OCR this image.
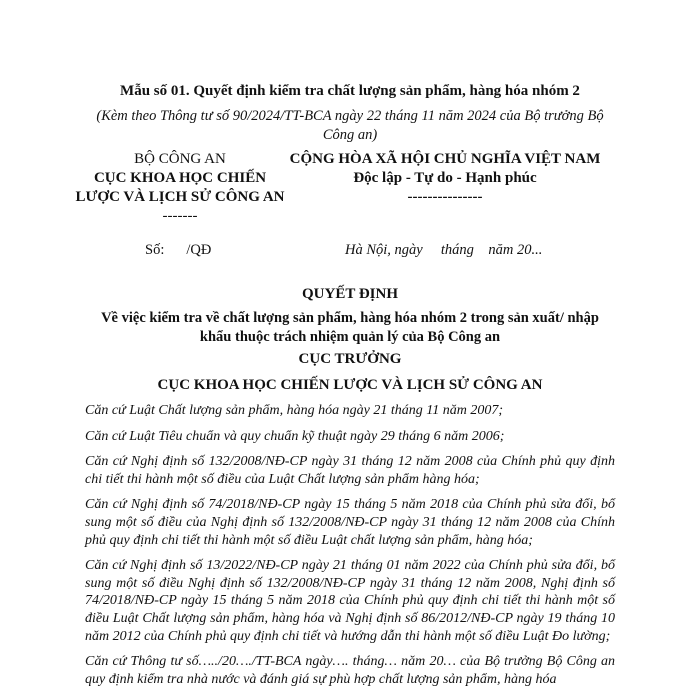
Mẫu số 01. Quyết định kiểm tra chất lượng sản phẩm, hàng hóa nhóm 2
(Kèm theo Thông tư số 90/2024/TT-BCA ngày 22 tháng 11 năm 2024 của Bộ trưởng Bộ Công an)
BỘ CÔNG AN
CỤC KHOA HỌC CHIẾN LƯỢC VÀ LỊCH SỬ CÔNG AN
-------
CỘNG HÒA XÃ HỘI CHỦ NGHĨA VIỆT NAM
Độc lập - Tự do - Hạnh phúc
---------------
Số: /QĐ	Hà Nội, ngày     tháng    năm 20...
QUYẾT ĐỊNH
Về việc kiểm tra về chất lượng sản phẩm, hàng hóa nhóm 2 trong sản xuất/ nhập khẩu thuộc trách nhiệm quản lý của Bộ Công an
CỤC TRƯỞNG
CỤC KHOA HỌC CHIẾN LƯỢC VÀ LỊCH SỬ CÔNG AN
Căn cứ Luật Chất lượng sản phẩm, hàng hóa ngày 21 tháng 11 năm 2007;
Căn cứ Luật Tiêu chuẩn và quy chuẩn kỹ thuật ngày 29 tháng 6 năm 2006;
Căn cứ Nghị định số 132/2008/NĐ-CP ngày 31 tháng 12 năm 2008 của Chính phủ quy định chi tiết thi hành một số điều của Luật Chất lượng sản phẩm hàng hóa;
Căn cứ Nghị định số 74/2018/NĐ-CP ngày 15 tháng 5 năm 2018 của Chính phủ sửa đổi, bổ sung một số điều của Nghị định số 132/2008/NĐ-CP ngày 31 tháng 12 năm 2008 của Chính phủ quy định chi tiết thi hành một số điều Luật chất lượng sản phẩm, hàng hóa;
Căn cứ Nghị định số 13/2022/NĐ-CP ngày 21 tháng 01 năm 2022 của Chính phủ sửa đổi, bổ sung một số điều Nghị định số 132/2008/NĐ-CP ngày 31 tháng 12 năm 2008, Nghị định số 74/2018/NĐ-CP ngày 15 tháng 5 năm 2018 của Chính phủ quy định chi tiết thi hành một số điều Luật Chất lượng sản phẩm, hàng hóa và Nghị định số 86/2012/NĐ-CP ngày 19 tháng 10 năm 2012 của Chính phủ quy định chi tiết và hướng dẫn thi hành một số điều Luật Đo lường;
Căn cứ Thông tư số…../20…./TT-BCA ngày…. tháng… năm 20… của Bộ trưởng Bộ Công an quy định kiểm tra nhà nước và đánh giá sự phù hợp chất lượng sản phẩm, hàng hóa
